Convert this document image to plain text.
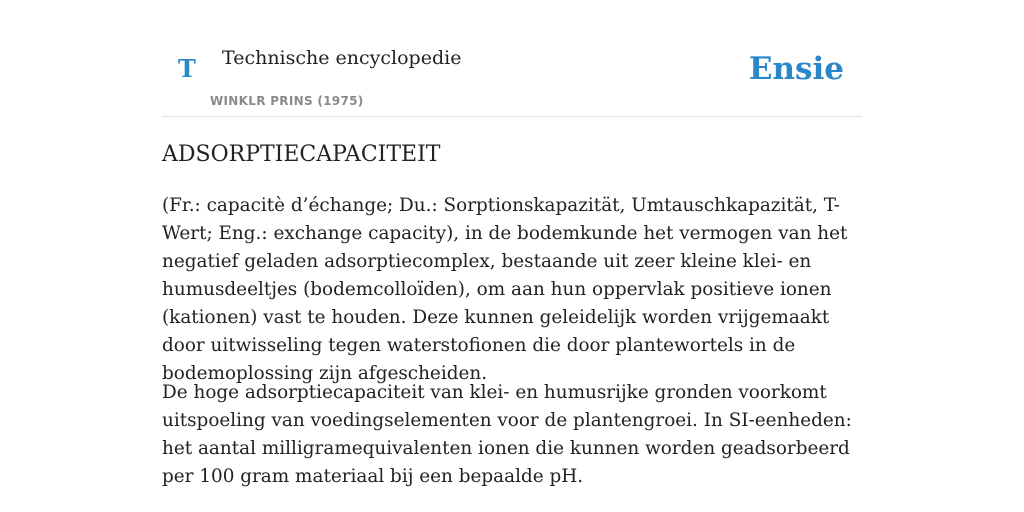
T Technische encyclopedie
WINKLR PRINS (1975)
Ensie
ADSORPTIECAPACITEIT

(Fr.: capacitè d’échange; Du.: Sorptionskapazität, Umtauschkapazität, T-Wert; Eng.: exchange capacity), in de bodemkunde het vermogen van het negatief geladen adsorptiecomplex, bestaande uit zeer kleine klei- en humusdeeltjes (bodemcolloïden), om aan hun oppervlak positieve ionen (kationen) vast te houden. Deze kunnen geleidelijk worden vrijgemaakt door uitwisseling tegen waterstofionen die door plantewortels in de bodemoplossing zijn afgescheiden.

De hoge adsorptiecapaciteit van klei- en humusrijke gronden voorkomt uitspoeling van voedingselementen voor de plantengroei. In SI-eenheden: het aantal milligramequivalenten ionen die kunnen worden geadsorbeerd per 100 gram materiaal bij een bepaalde pH.
